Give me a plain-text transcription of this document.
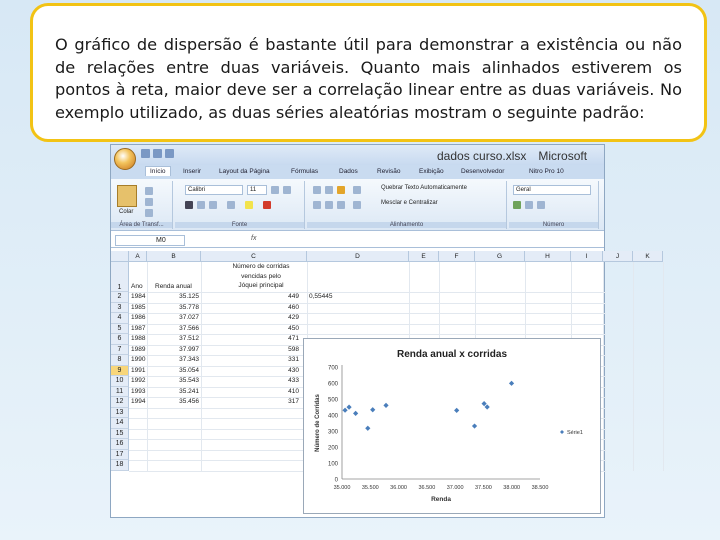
O gráfico de dispersão é bastante útil para demonstrar a existência ou não de relações entre duas variáveis. Quanto mais alinhados estiverem os pontos à reta, maior deve ser a correlação linear entre as duas variáveis. No exemplo utilizado, as duas séries aleatórias mostram o seguinte padrão:

dados curso.xlsx Microsoft
Início	Inserir	Layout da Página	Fórmulas	Dados	Revisão	Exibição	Desenvolvedor	Nitro Pro 10
Colar
Área de Transf...
Calibri	11
Fonte
Quebrar Texto Automaticamente
Mesclar e Centralizar
Alinhamento
Geral
Número
M0	fx
A	B	C	D	E	F	G	H	I	J	K
1
2
3
4
5
6
7
8
9
10
11
12
13
14
15
16
17
18
Ano	Renda anual
Número de corridas
vencidas pelo
Jóquei principal
1984	35.125	449
1985	35.778	460
1986	37.027	429
1987	37.566	450
1988	37.512	471
1989	37.997	598
1990	37.343	331
1991	35.054	430
1992	35.543	433
1993	35.241	410
1994	35.456	317
0,55445
Renda anual x corridas
0
100
200
300
400
500
600
700
35.000 35.500 36.000 36.500 37.000 37.500 38.000 38.500
Número de Corridas
Renda
Série1
